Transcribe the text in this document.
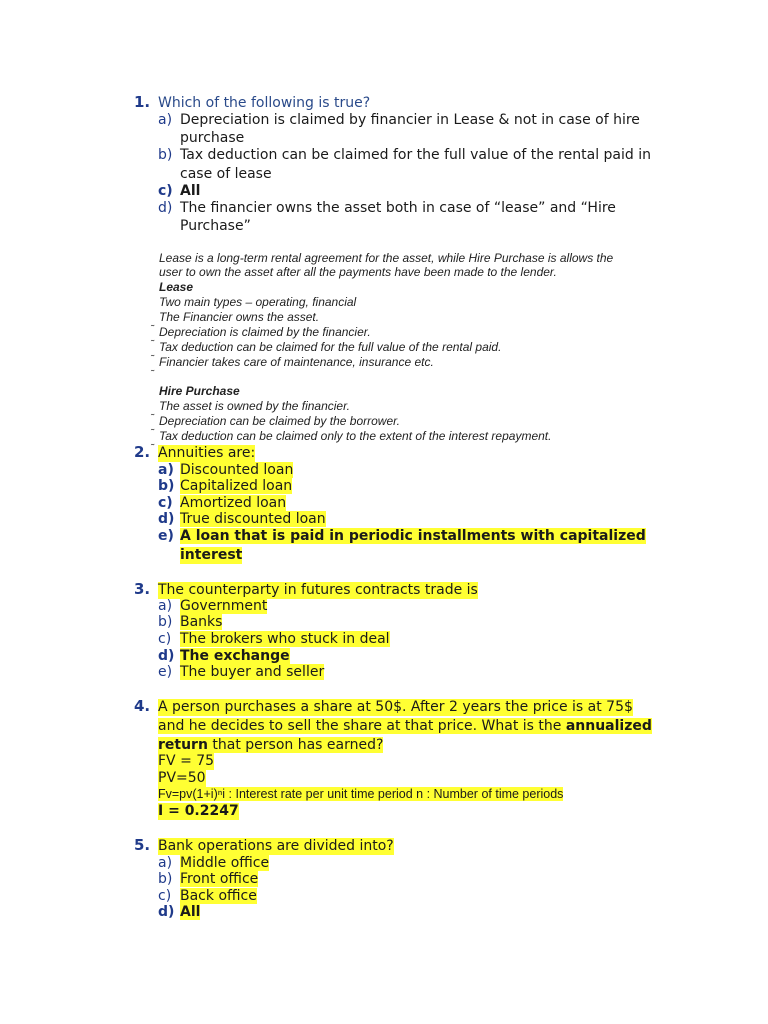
1. Which of the following is true?
a) Depreciation is claimed by financier in Lease & not in case of hire
purchase
b) Tax deduction can be claimed for the full value of the rental paid in
case of lease
c) All
d) The financier owns the asset both in case of “lease” and “Hire
Purchase”
Lease is a long-term rental agreement for the asset, while Hire Purchase is allows the
user to own the asset after all the payments have been made to the lender.
Lease
Two main types – operating, financial
˷ The Financier owns the asset.
˷ Depreciation is claimed by the financier.
˷ Tax deduction can be claimed for the full value of the rental paid.
˷ Financier takes care of maintenance, insurance etc.
Hire Purchase
˷ The asset is owned by the financier.
˷ Depreciation can be claimed by the borrower.
˷ Tax deduction can be claimed only to the extent of the interest repayment.
2. Annuities are:
a) Discounted loan
b) Capitalized loan
c) Amortized loan
d) True discounted loan
e) A loan that is paid in periodic installments with capitalized
interest
3. The counterparty in futures contracts trade is
a) Government
b) Banks
c) The brokers who stuck in deal
d) The exchange
e) The buyer and seller
4. A person purchases a share at 50$. After 2 years the price is at 75$
and he decides to sell the share at that price. What is the annualized
return that person has earned?
FV = 75
PV=50
Fv=pv(1+i)ⁿi : Interest rate per unit time period n : Number of time periods
I = 0.2247
5. Bank operations are divided into?
a) Middle office
b) Front office
c) Back office
d) All
